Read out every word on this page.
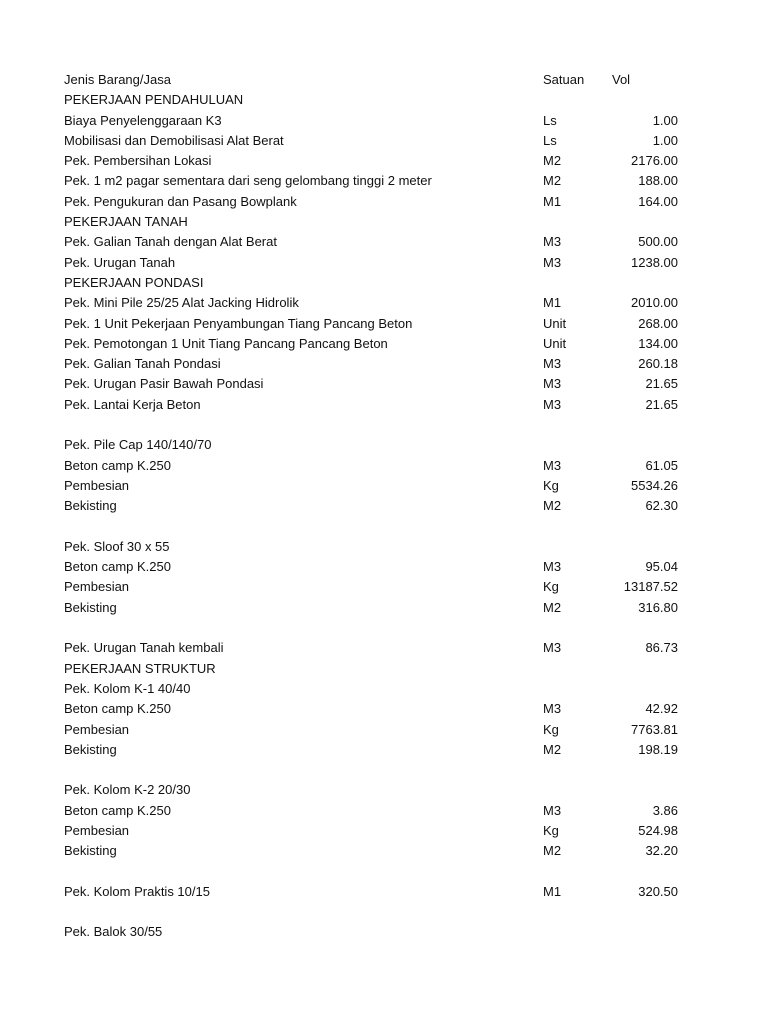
Jenis Barang/Jasa	Satuan Vol
PEKERJAAN PENDAHULUAN
Biaya Penyelenggaraan K3	Ls	1.00
Mobilisasi dan Demobilisasi Alat Berat	Ls	1.00
Pek. Pembersihan Lokasi	M2	2176.00
Pek. 1 m2 pagar sementara dari seng gelombang tinggi 2 meter	M2	188.00
Pek. Pengukuran dan Pasang Bowplank	M1	164.00
PEKERJAAN TANAH
Pek. Galian Tanah dengan Alat Berat	M3	500.00
Pek. Urugan Tanah	M3	1238.00
PEKERJAAN PONDASI
Pek. Mini Pile 25/25 Alat Jacking Hidrolik	M1	2010.00
Pek. 1 Unit Pekerjaan Penyambungan Tiang Pancang Beton	Unit	268.00
Pek. Pemotongan 1 Unit Tiang Pancang Pancang Beton	Unit	134.00
Pek. Galian Tanah Pondasi	M3	260.18
Pek. Urugan Pasir Bawah Pondasi	M3	21.65
Pek. Lantai Kerja Beton	M3	21.65
Pek. Pile Cap 140/140/70
Beton camp K.250	M3	61.05
Pembesian	Kg	5534.26
Bekisting	M2	62.30
Pek. Sloof 30 x 55
Beton camp K.250	M3	95.04
Pembesian	Kg	13187.52
Bekisting	M2	316.80
Pek. Urugan Tanah kembali	M3	86.73
PEKERJAAN STRUKTUR
Pek. Kolom K-1 40/40
Beton camp K.250	M3	42.92
Pembesian	Kg	7763.81
Bekisting	M2	198.19
Pek. Kolom K-2 20/30
Beton camp K.250	M3	3.86
Pembesian	Kg	524.98
Bekisting	M2	32.20
Pek. Kolom Praktis 10/15	M1	320.50
Pek. Balok 30/55
